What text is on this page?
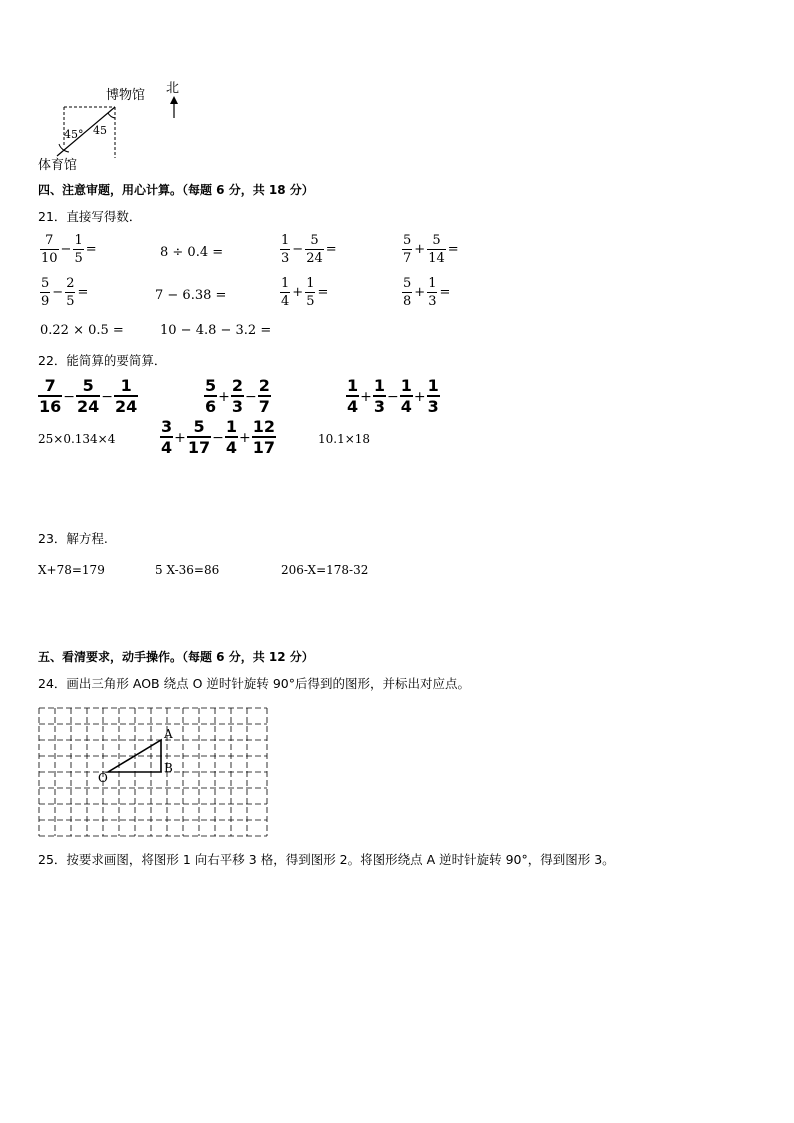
博物馆 北
体育馆
45° 45
四、注意审题，用心计算。（每题 6 分，共 18 分）
21．直接写得数．
$\frac{7}{10} - \frac{1}{5}$ =	8 ÷ 0.4 =	$\frac{1}{3} - \frac{5}{24}$ =	$\frac{5}{7} + \frac{5}{14}$ =
$\frac{5}{9} - \frac{2}{5}$ =	7 − 6.38 =	$\frac{1}{4} + \frac{1}{5}$ =	$\frac{5}{8} + \frac{1}{3}$ =
0.22 × 0.5 =	10 − 4.8 − 3.2 =
22．能简算的要简算．
$\frac{7}{16} - \frac{5}{24} - \frac{1}{24}$	$\frac{5}{6} + \frac{2}{3} - \frac{2}{7}$	$\frac{1}{4} + \frac{1}{3} - \frac{1}{4} + \frac{1}{3}$
25×0.134×4	$\frac{3}{4} + \frac{5}{17} - \frac{1}{4} + \frac{12}{17}$	10.1×18
23．解方程.
X+78=179	5 X-36=86	206-X=178-32
五、看清要求，动手操作。（每题 6 分，共 12 分）
24．画出三角形 AOB 绕点 O 逆时针旋转 90°后得到的图形，并标出对应点。
A
B
O
25．按要求画图，将图形 1 向右平移 3 格，得到图形 2。将图形绕点 A 逆时针旋转 90°，得到图形 3。
